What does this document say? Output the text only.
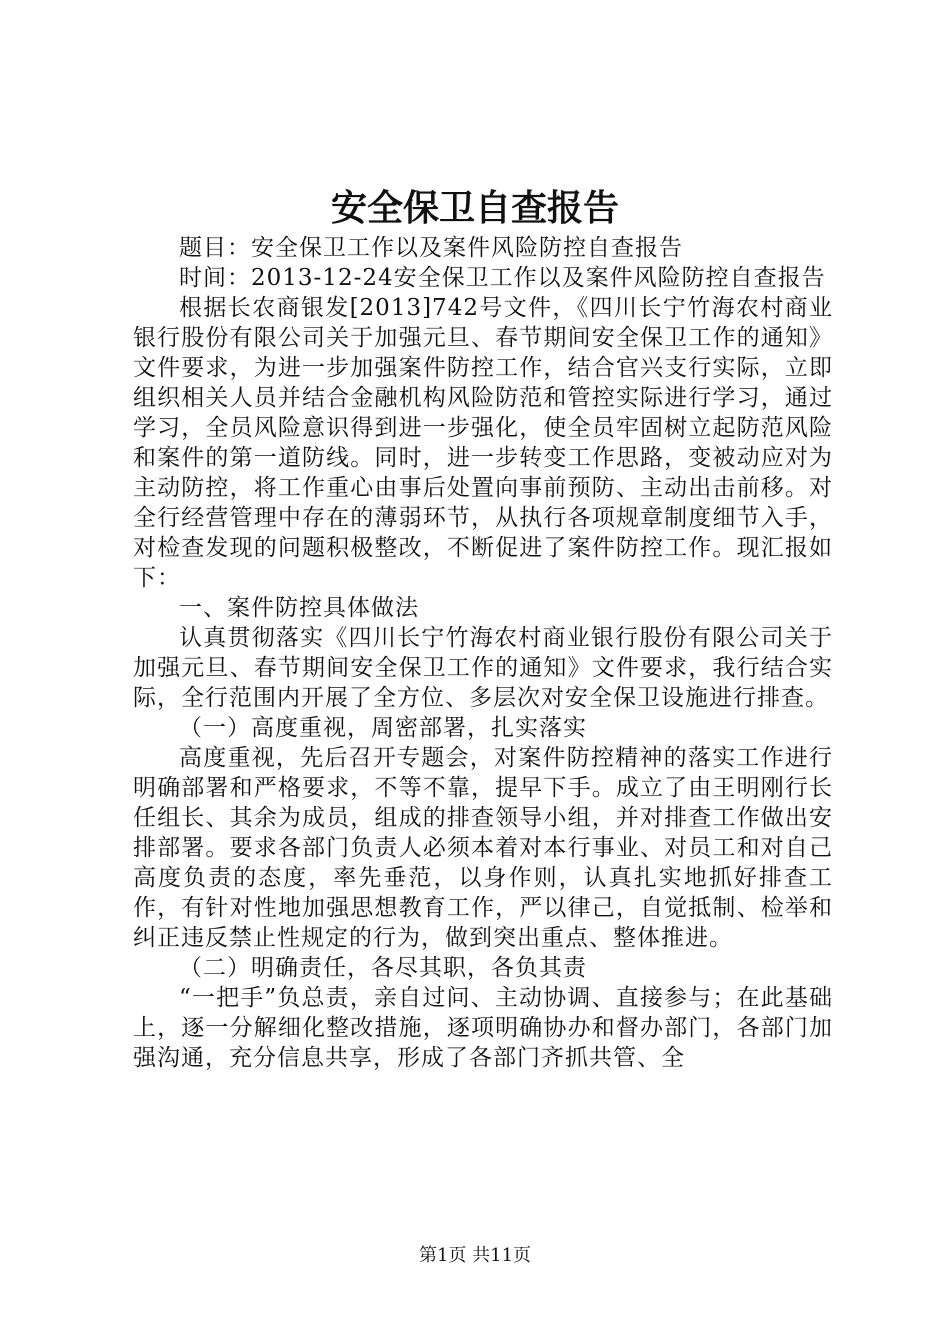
安全保卫自查报告

题目：安全保卫工作以及案件风险防控自查报告

时间：2013-12-24安全保卫工作以及案件风险防控自查报告

根据长农商银发[2013]742号文件，《四川长宁竹海农村商业银行股份有限公司关于加强元旦、春节期间安全保卫工作的通知》文件要求，为进一步加强案件防控工作，结合官兴支行实际，立即组织相关人员并结合金融机构风险防范和管控实际进行学习，通过学习，全员风险意识得到进一步强化，使全员牢固树立起防范风险和案件的第一道防线。同时，进一步转变工作思路，变被动应对为主动防控，将工作重心由事后处置向事前预防、主动出击前移。对全行经营管理中存在的薄弱环节，从执行各项规章制度细节入手，对检查发现的问题积极整改，不断促进了案件防控工作。现汇报如下：

一、案件防控具体做法

认真贯彻落实《四川长宁竹海农村商业银行股份有限公司关于加强元旦、春节期间安全保卫工作的通知》文件要求，我行结合实际，全行范围内开展了全方位、多层次对安全保卫设施进行排查。

（一）高度重视，周密部署，扎实落实

高度重视，先后召开专题会，对案件防控精神的落实工作进行明确部署和严格要求，不等不靠，提早下手。成立了由王明刚行长任组长、其余为成员，组成的排查领导小组，并对排查工作做出安排部署。要求各部门负责人必须本着对本行事业、对员工和对自己高度负责的态度，率先垂范，以身作则，认真扎实地抓好排查工作，有针对性地加强思想教育工作，严以律己，自觉抵制、检举和纠正违反禁止性规定的行为，做到突出重点、整体推进。

（二）明确责任，各尽其职，各负其责

“一把手”负总责，亲自过问、主动协调、直接参与；在此基础上，逐一分解细化整改措施，逐项明确协办和督办部门，各部门加强沟通，充分信息共享，形成了各部门齐抓共管、全

第1页 共11页
